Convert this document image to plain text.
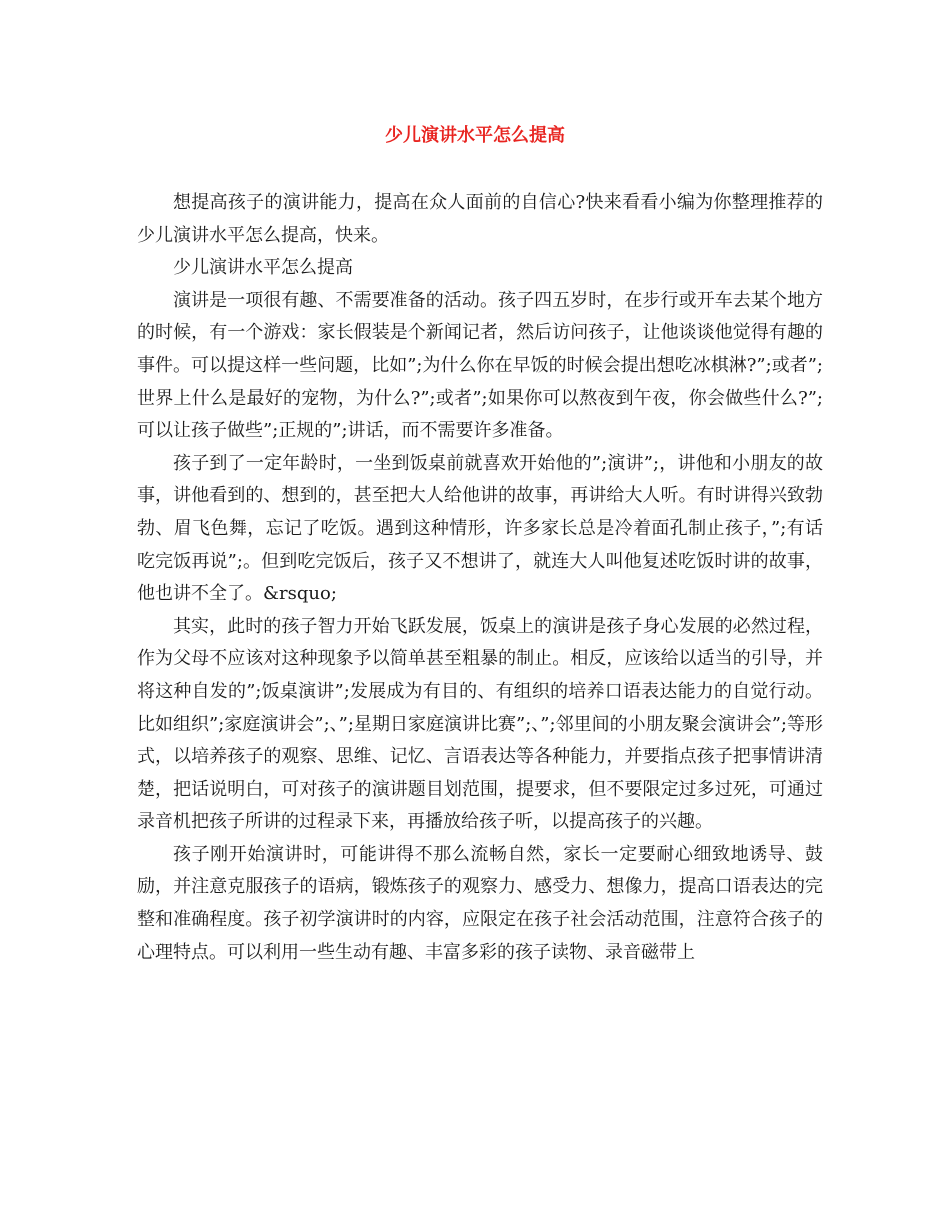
少儿演讲水平怎么提高

想提高孩子的演讲能力，提高在众人面前的自信心?快来看看小编为你整理推荐的少儿演讲水平怎么提高，快来。

少儿演讲水平怎么提高

演讲是一项很有趣、不需要准备的活动。孩子四五岁时，在步行或开车去某个地方的时候，有一个游戏：家长假装是个新闻记者，然后访问孩子，让他谈谈他觉得有趣的事件。可以提这样一些问题，比如”;为什么你在早饭的时候会提出想吃冰棋淋?”;或者”;世界上什么是最好的宠物，为什么?”;或者”;如果你可以熬夜到午夜，你会做些什么?”;可以让孩子做些”;正规的”;讲话，而不需要许多准备。

孩子到了一定年龄时，一坐到饭桌前就喜欢开始他的”;演讲”;，讲他和小朋友的故事，讲他看到的、想到的，甚至把大人给他讲的故事，再讲给大人听。有时讲得兴致勃勃、眉飞色舞，忘记了吃饭。遇到这种情形，许多家长总是冷着面孔制止孩子，”;有话吃完饭再说”;。但到吃完饭后，孩子又不想讲了，就连大人叫他复述吃饭时讲的故事，他也讲不全了。&rsquo;

其实，此时的孩子智力开始飞跃发展，饭桌上的演讲是孩子身心发展的必然过程，作为父母不应该对这种现象予以简单甚至粗暴的制止。相反，应该给以适当的引导，并将这种自发的”;饭桌演讲”;发展成为有目的、有组织的培养口语表达能力的自觉行动。比如组织”;家庭演讲会”;、”;星期日家庭演讲比赛”;、”;邻里间的小朋友聚会演讲会”;等形式，以培养孩子的观察、思维、记忆、言语表达等各种能力，并要指点孩子把事情讲清楚，把话说明白，可对孩子的演讲题目划范围，提要求，但不要限定过多过死，可通过录音机把孩子所讲的过程录下来，再播放给孩子听，以提高孩子的兴趣。

孩子刚开始演讲时，可能讲得不那么流畅自然，家长一定要耐心细致地诱导、鼓励，并注意克服孩子的语病，锻炼孩子的观察力、感受力、想像力，提高口语表达的完整和准确程度。孩子初学演讲时的内容，应限定在孩子社会活动范围，注意符合孩子的心理特点。可以利用一些生动有趣、丰富多彩的孩子读物、录音磁带上
